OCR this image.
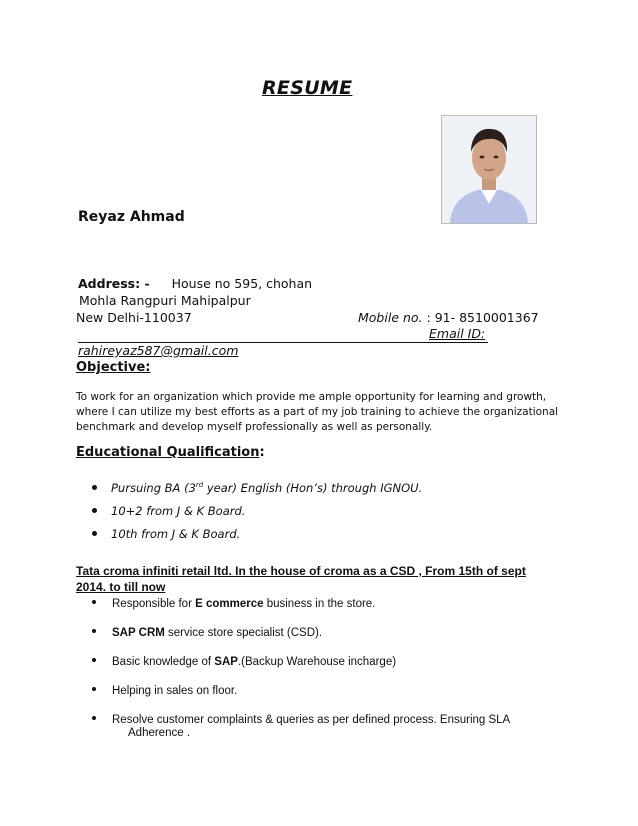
RESUME
Reyaz Ahmad
Address: - House no 595, chohan
Mohla Rangpuri Mahipalpur
New Delhi-110037	Mobile no. : 91- 8510001367
Email ID:
rahireyaz587@gmail.com
Objective:
To work for an organization which provide me ample opportunity for learning and growth, where I can utilize my best efforts as a part of my job training to achieve the organizational benchmark and develop myself professionally as well as personally.
Educational Qualification:
Pursuing BA (3rd year) English (Hon’s) through IGNOU.
10+2 from J & K Board.
10th from J & K Board.
Tata croma infiniti retail ltd. In the house of croma as a CSD , From 15th of sept 2014. to till now
Responsible for E commerce business in the store.
SAP CRM service store specialist (CSD).
Basic knowledge of SAP.(Backup Warehouse incharge)
Helping in sales on floor.
Resolve customer complaints & queries as per defined process. Ensuring SLA
Adherence .
